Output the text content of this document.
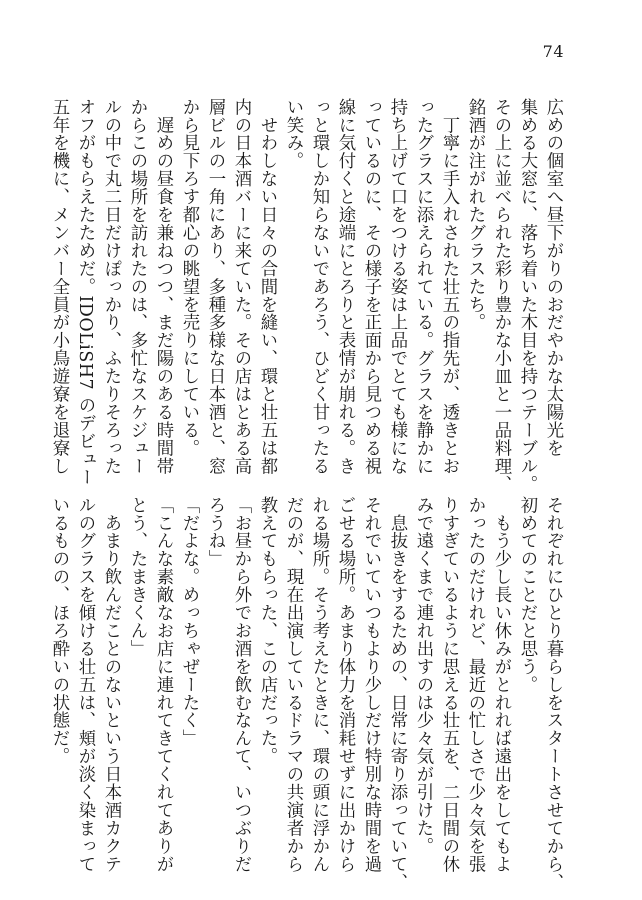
74
広めの個室へ昼下がりのおだやかな太陽光を
集める大窓に、落ち着いた木目を持つテーブル。
その上に並べられた彩り豊かな小皿と一品料理、
銘酒が注がれたグラスたち。
　丁寧に手入れされた壮五の指先が、透きとお
ったグラスに添えられている。グラスを静かに
持ち上げて口をつける姿は上品でとても様にな
っているのに、その様子を正面から見つめる視
線に気付くと途端にとろりと表情が崩れる。き
っと環しか知らないであろう、ひどく甘ったる
い笑み。
　せわしない日々の合間を縫い、環と壮五は都
内の日本酒バーに来ていた。その店はとある高
層ビルの一角にあり、多種多様な日本酒と、窓
から見下ろす都心の眺望を売りにしている。
　遅めの昼食を兼ねつつ、まだ陽のある時間帯
からこの場所を訪れたのは、多忙なスケジュー
ルの中で丸二日だけぽっかり、ふたりそろった
オフがもらえたためだ。IDOLiSH7 のデビュー
五年を機に、メンバー全員が小鳥遊寮を退寮し
それぞれにひとり暮らしをスタートさせてから、
初めてのことだと思う。
　もう少し長い休みがとれれば遠出をしてもよ
かったのだけれど、最近の忙しさで少々気を張
りすぎているように思える壮五を、二日間の休
みで遠くまで連れ出すのは少々気が引けた。
　息抜きをするための、日常に寄り添っていて、
それでいていつもより少しだけ特別な時間を過
ごせる場所。あまり体力を消耗せずに出かけら
れる場所。そう考えたときに、環の頭に浮かん
だのが、現在出演しているドラマの共演者から
教えてもらった、この店だった。
「お昼から外でお酒を飲むなんて、いつぶりだ
ろうね」
「だよな。めっちゃぜーたく」
「こんな素敵なお店に連れてきてくれてありが
とう、たまきくん」
　あまり飲んだことのないという日本酒カクテ
ルのグラスを傾ける壮五は、頬が淡く染まって
いるものの、ほろ酔いの状態だ。
